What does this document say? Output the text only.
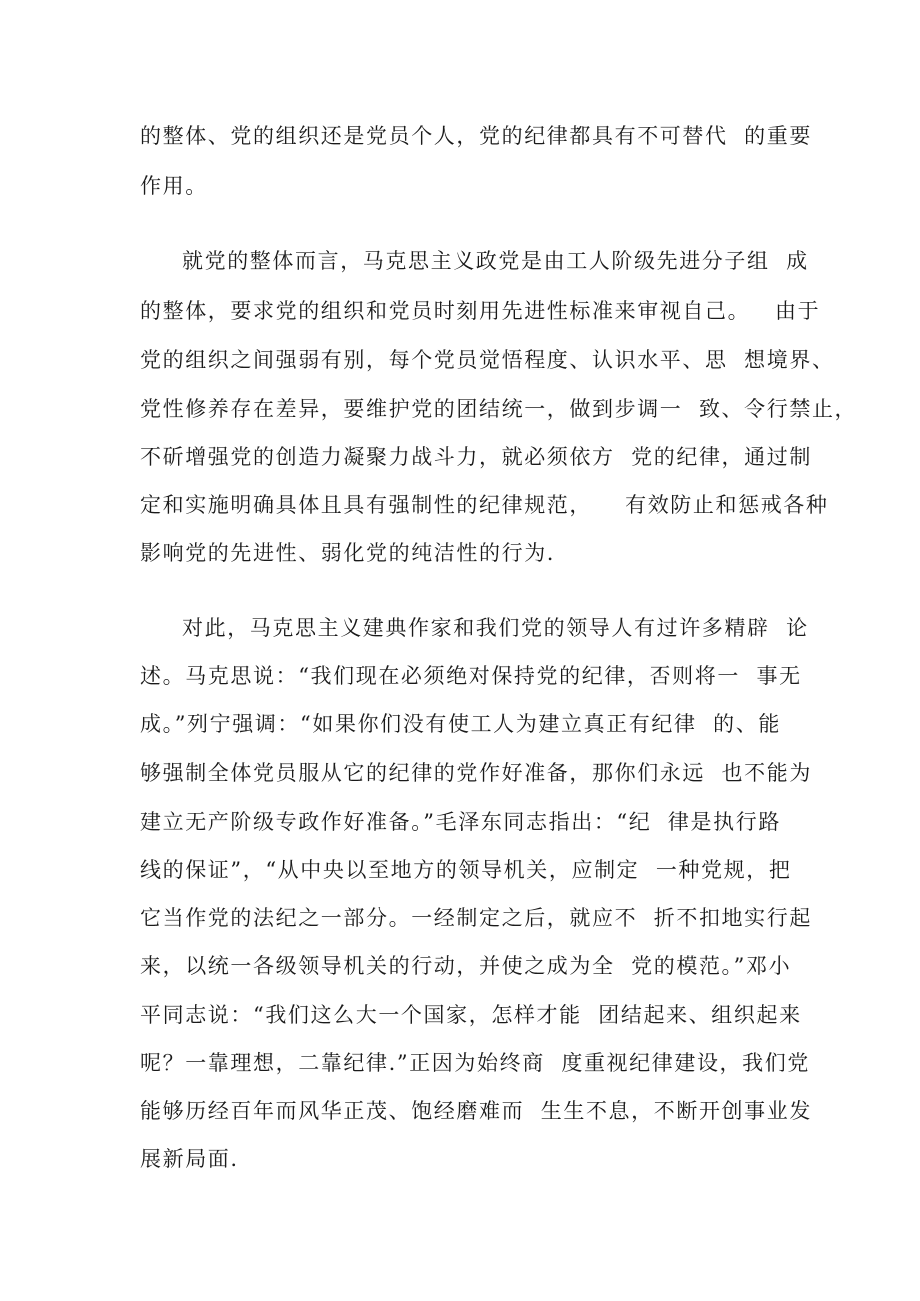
的整体、党的组织还是党员个人，党的纪律都具有不可替代  的重要

作用。

就党的整体而言，马克思主义政党是由工人阶级先进分子组  成

的整体，要求党的组织和党员时刻用先进性标准来审视自己。   由于

党的组织之间强弱有别，每个党员觉悟程度、认识水平、思  想境界、

党性修养存在差异，要维护党的团结统一，做到步调一  致、令行禁止，

不斫增强党的创造力凝聚力战斗力，就必须依方  党的纪律，通过制

定和实施明确具体且具有强制性的纪律规范，    有效防止和惩戒各种

影响党的先进性、弱化党的纯洁性的行为.

对此，马克思主义建典作家和我们党的领导人有过许多精辟  论

述。马克思说：“我们现在必须绝对保持党的纪律，否则将一  事无

成。”列宁强调：“如果你们没有使工人为建立真正有纪律  的、能

够强制全体党员服从它的纪律的党作好准备，那你们永远  也不能为

建立无产阶级专政作好准备。”毛泽东同志指出：“纪  律是执行路

线的保证”，“从中央以至地方的领导机关，应制定  一种党规，把

它当作党的法纪之一部分。一经制定之后，就应不  折不扣地实行起

来，以统一各级领导机关的行动，并使之成为全  党的模范。”邓小

平同志说：“我们这么大一个国家，怎样才能  团结起来、组织起来

呢？一靠理想，二靠纪律.”正因为始终商  度重视纪律建设，我们党

能够历经百年而风华正茂、饱经磨难而  生生不息，不断开创事业发

展新局面.
